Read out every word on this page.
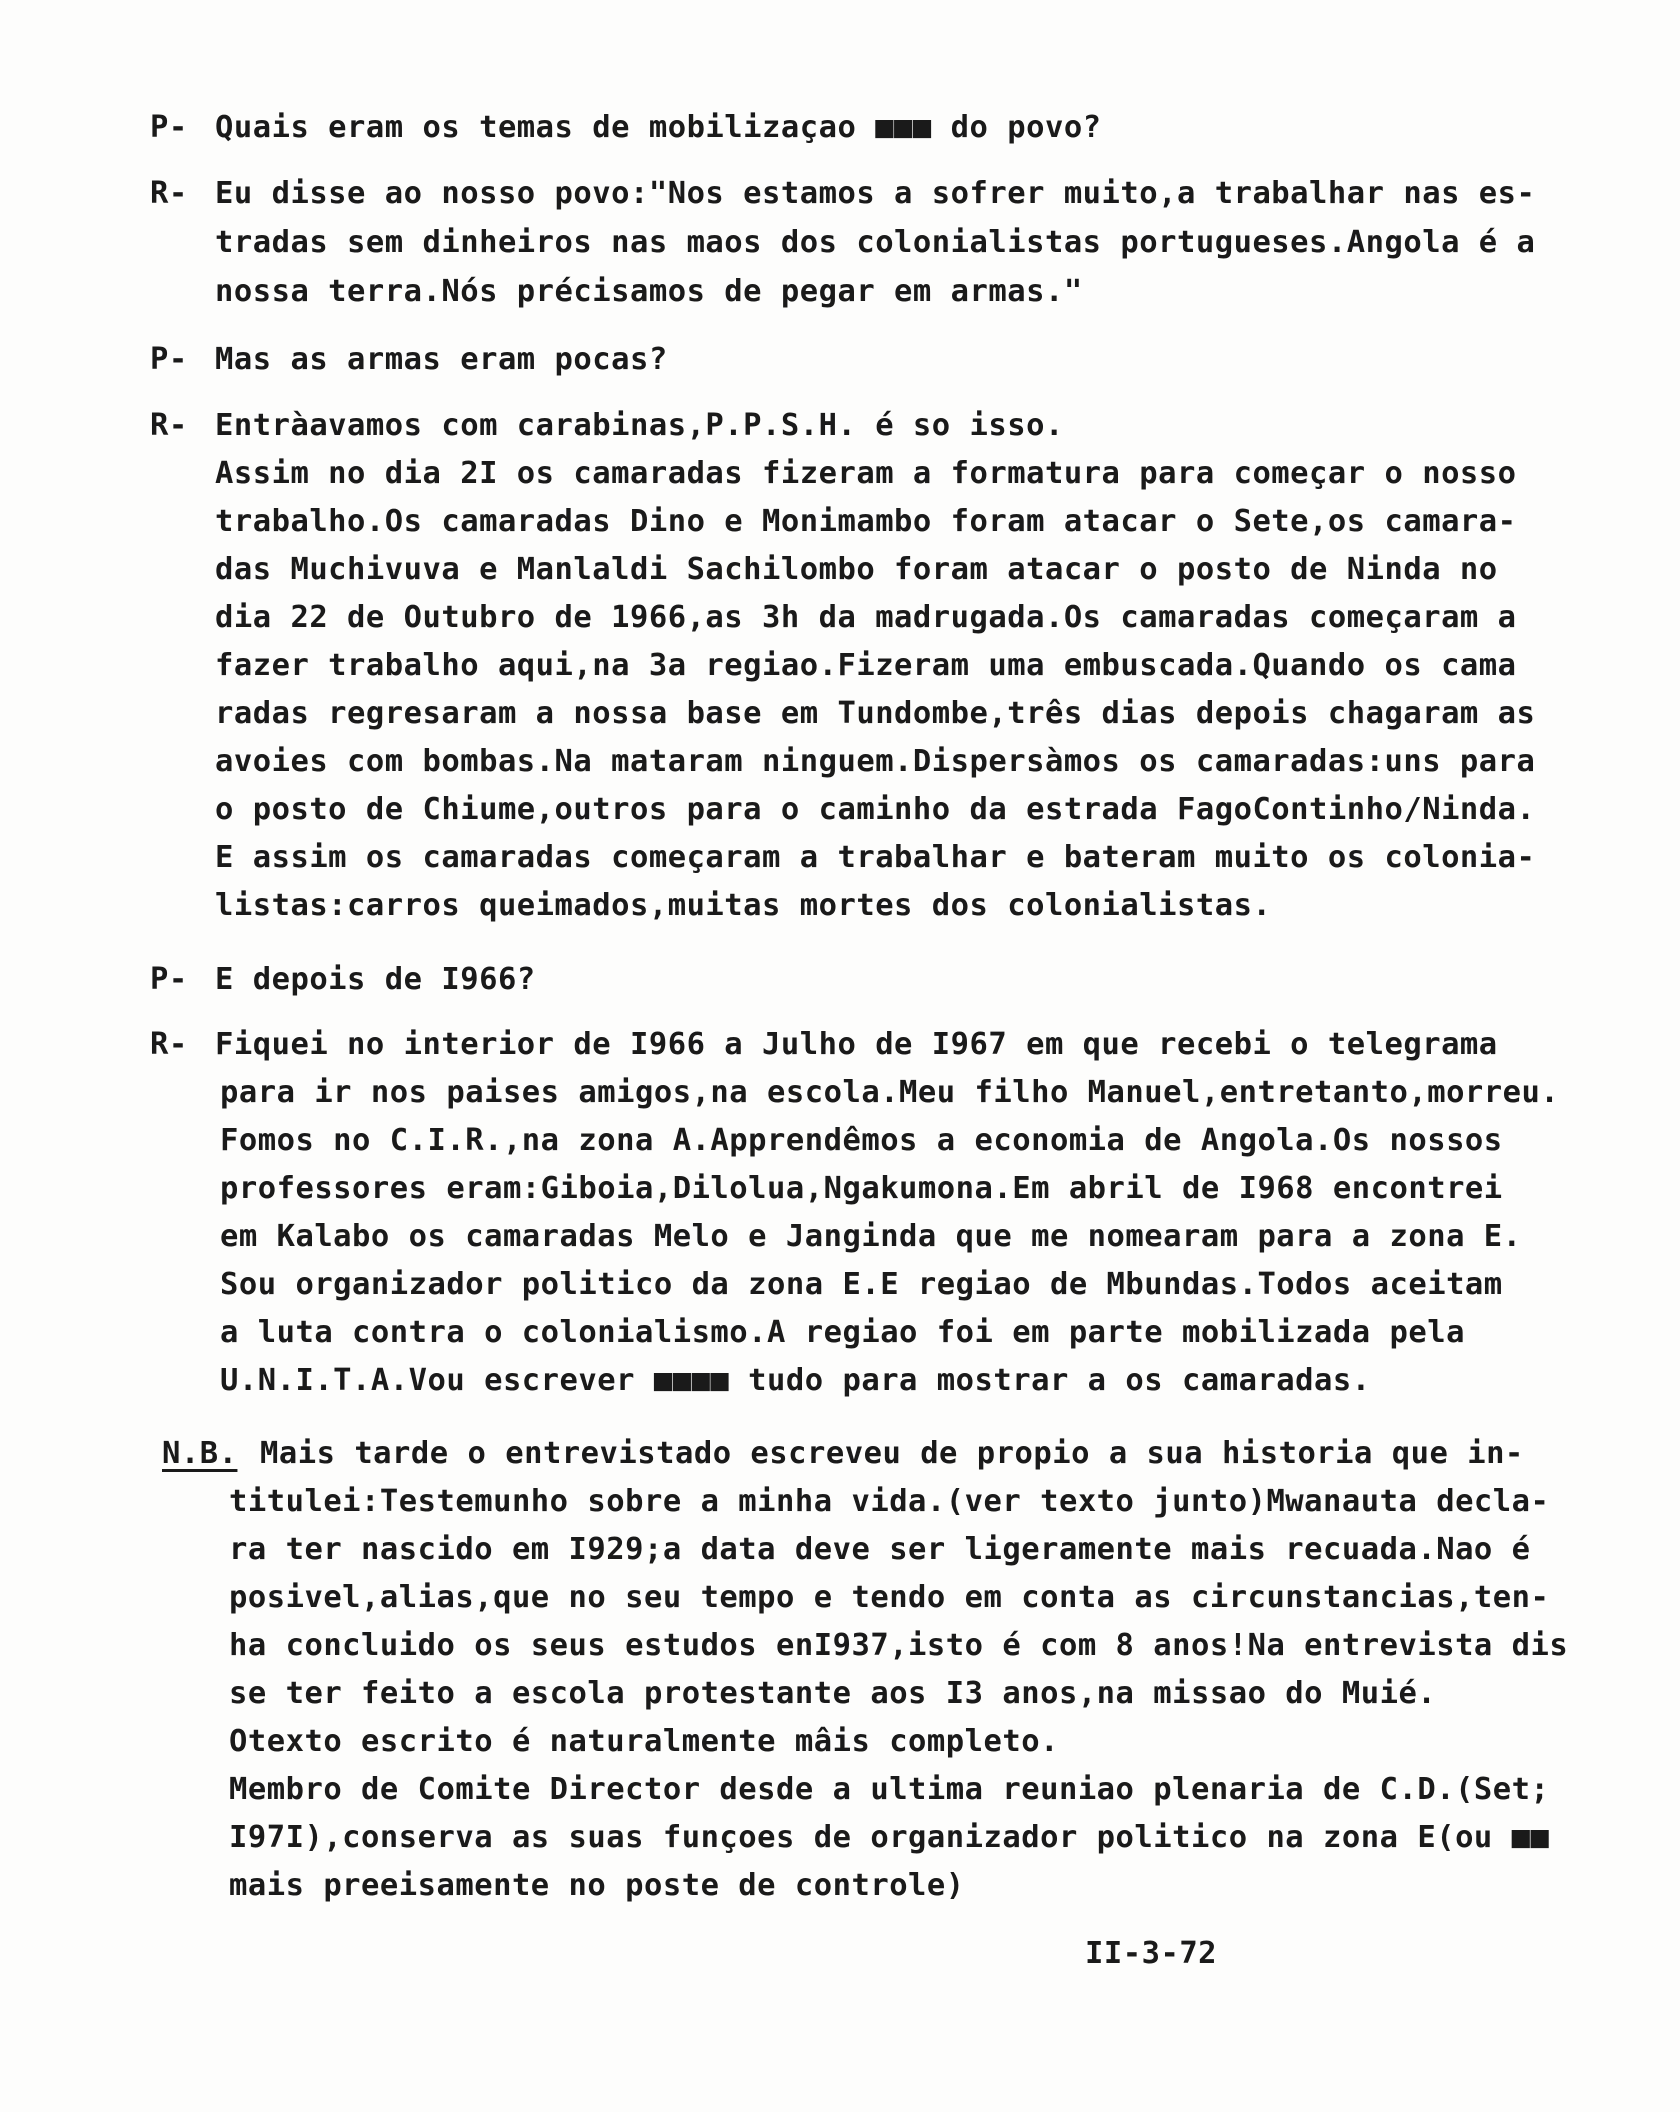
P- Quais eram os temas de mobilizaçao ■■■ do povo?
R- Eu disse ao nosso povo:"Nos estamos a sofrer muito,a trabalhar nas es-
tradas sem dinheiros nas maos dos colonialistas portugueses.Angola é a
nossa terra.Nós précisamos de pegar em armas."
P- Mas as armas eram pocas?
R- Entràavamos com carabinas,P.P.S.H. é so isso.
Assim no dia 2I os camaradas fizeram a formatura para começar o nosso
trabalho.Os camaradas Dino e Monimambo foram atacar o Sete,os camara-
das Muchivuva e Manlaldi Sachilombo foram atacar o posto de Ninda no
dia 22 de Outubro de 1966,as 3h da madrugada.Os camaradas começaram a
fazer trabalho aqui,na 3a regiao.Fizeram uma embuscada.Quando os cama
radas regresaram a nossa base em Tundombe,três dias depois chagaram as
avoies com bombas.Na mataram ninguem.Dispersàmos os camaradas:uns para
o posto de Chiume,outros para o caminho da estrada FagoContinho/Ninda.
E assim os camaradas começaram a trabalhar e bateram muito os colonia-
listas:carros queimados,muitas mortes dos colonialistas.
P- E depois de I966?
R- Fiquei no interior de I966 a Julho de I967 em que recebi o telegrama
para ir nos paises amigos,na escola.Meu filho Manuel,entretanto,morreu.
Fomos no C.I.R.,na zona A.Apprendêmos a economia de Angola.Os nossos
professores eram:Giboia,Dilolua,Ngakumona.Em abril de I968 encontrei
em Kalabo os camaradas Melo e Janginda que me nomearam para a zona E.
Sou organizador politico da zona E.E regiao de Mbundas.Todos aceitam
a luta contra o colonialismo.A regiao foi em parte mobilizada pela
U.N.I.T.A.Vou escrever ■■■■ tudo para mostrar a os camaradas.
N.B. Mais tarde o entrevistado escreveu de propio a sua historia que in-
titulei:Testemunho sobre a minha vida.(ver texto junto)Mwanauta decla-
ra ter nascido em I929;a data deve ser ligeramente mais recuada.Nao é
posivel,alias,que no seu tempo e tendo em conta as circunstancias,ten-
ha concluido os seus estudos enI937,isto é com 8 anos!Na entrevista dis
se ter feito a escola protestante aos I3 anos,na missao do Muié.
Otexto escrito é naturalmente mâis completo.
Membro de Comite Director desde a ultima reuniao plenaria de C.D.(Set;
I97I),conserva as suas funçoes de organizador politico na zona E(ou ■■
mais preeisamente no poste de controle)
II-3-72
